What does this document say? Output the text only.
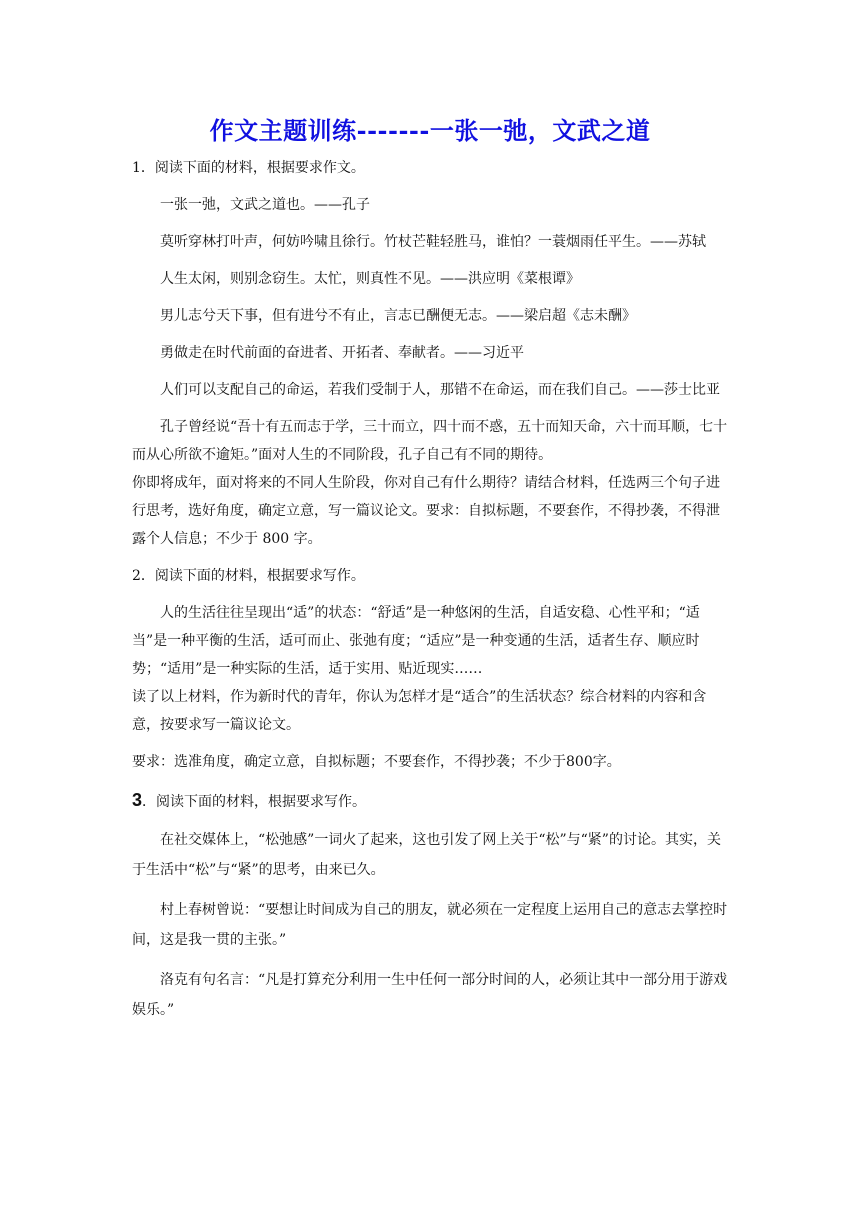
作文主题训练-------一张一弛，文武之道

1．阅读下面的材料，根据要求作文。

一张一弛，文武之道也。——孔子

莫听穿林打叶声，何妨吟啸且徐行。竹杖芒鞋轻胜马，谁怕？一蓑烟雨任平生。——苏轼

人生太闲，则别念窃生。太忙，则真性不见。——洪应明《菜根谭》

男儿志兮天下事，但有进兮不有止，言志已酬便无志。——梁启超《志未酬》

勇做走在时代前面的奋进者、开拓者、奉献者。——习近平

人们可以支配自己的命运，若我们受制于人，那错不在命运，而在我们自己。——莎士比亚

孔子曾经说“吾十有五而志于学，三十而立，四十而不惑，五十而知天命，六十而耳顺，七十而从心所欲不逾矩。”面对人生的不同阶段，孔子自己有不同的期待。

你即将成年，面对将来的不同人生阶段，你对自己有什么期待？请结合材料，任选两三个句子进行思考，选好角度，确定立意，写一篇议论文。要求：自拟标题，不要套作，不得抄袭，不得泄露个人信息；不少于 800 字。

2．阅读下面的材料，根据要求写作。

人的生活往往呈现出“适”的状态：“舒适”是一种悠闲的生活，自适安稳、心性平和；“适当”是一种平衡的生活，适可而止、张弛有度；“适应”是一种变通的生活，适者生存、顺应时势；“适用”是一种实际的生活，适于实用、贴近现实……

读了以上材料，作为新时代的青年，你认为怎样才是“适合”的生活状态？综合材料的内容和含意，按要求写一篇议论文。

要求：选准角度，确定立意，自拟标题；不要套作，不得抄袭；不少于800字。

3．阅读下面的材料，根据要求写作。

在社交媒体上，“松弛感”一词火了起来，这也引发了网上关于“松”与“紧”的讨论。其实，关于生活中“松”与“紧”的思考，由来已久。

村上春树曾说：“要想让时间成为自己的朋友，就必须在一定程度上运用自己的意志去掌控时间，这是我一贯的主张。”

洛克有句名言：“凡是打算充分利用一生中任何一部分时间的人，必须让其中一部分用于游戏娱乐。”
